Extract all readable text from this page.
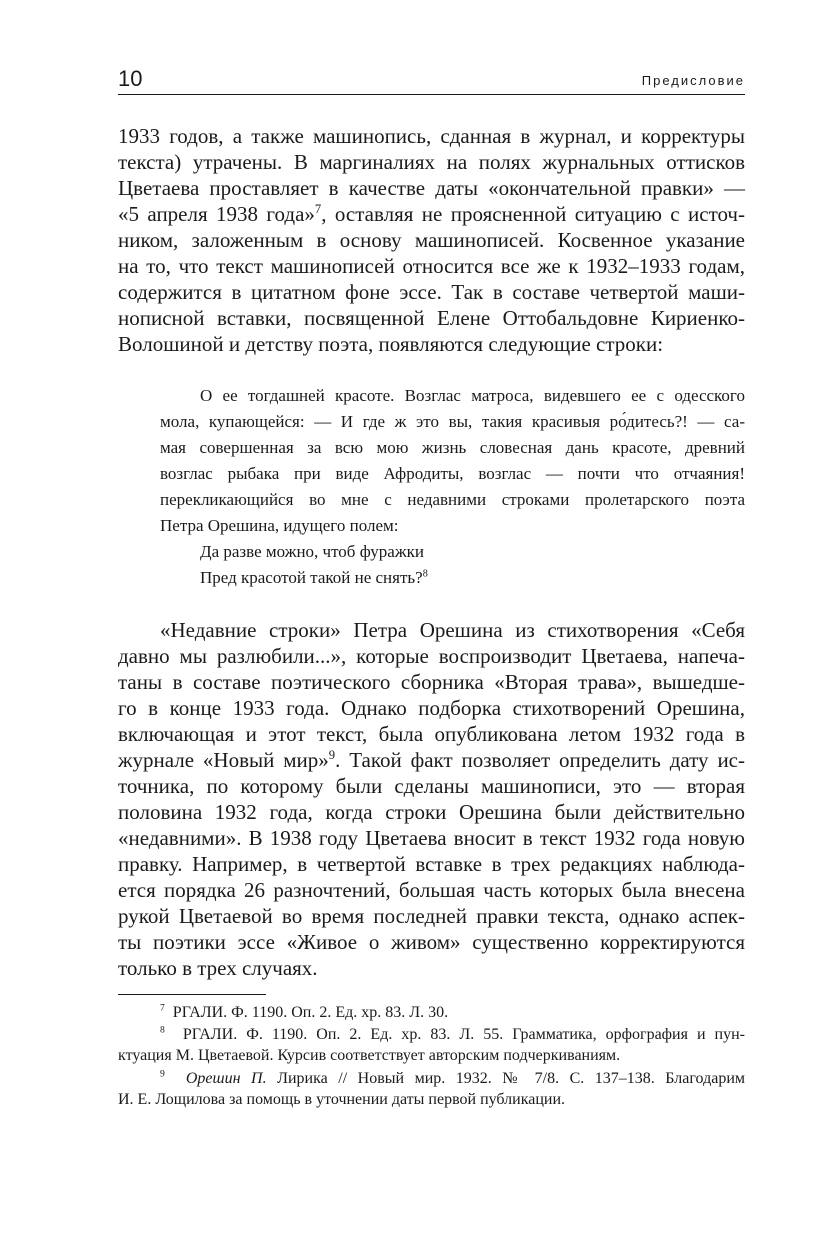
10	Предисловие
1933 годов, а также машинопись, сданная в журнал, и корректуры
текста) утрачены. В маргиналиях на полях журнальных оттисков
Цветаева проставляет в качестве даты «окончательной правки» —
«5 апреля 1938 года»$^7$, оставляя не проясненной ситуацию с источ-
ником, заложенным в основу машинописей. Косвенное указание
на то, что текст машинописей относится все же к 1932–1933 годам,
содержится в цитатном фоне эссе. Так в составе четвертой маши-
нописной вставки, посвященной Елене Оттобальдовне Кириенко-
Волошиной и детству поэта, появляются следующие строки:
О ее тогдашней красоте. Возглас матроса, видевшего ее с одесского
мола, купающейся: — И где ж это вы, такия красивыя ро́дитесь?! — са-
мая совершенная за всю мою жизнь словесная дань красоте, древний
возглас рыбака при виде Афродиты, возглас — почти что отчаяния!
перекликающийся во мне с недавними строками пролетарского поэта
Петра Орешина, идущего полем:
Да разве можно, чтоб фуражки
Пред красотой такой не снять?$^8$
«Недавние строки» Петра Орешина из стихотворения «Себя
давно мы разлюбили...», которые воспроизводит Цветаева, напеча-
таны в составе поэтического сборника «Вторая трава», вышедше-
го в конце 1933 года. Однако подборка стихотворений Орешина,
включающая и этот текст, была опубликована летом 1932 года в
журнале «Новый мир»$^9$. Такой факт позволяет определить дату ис-
точника, по которому были сделаны машинописи, это — вторая
половина 1932 года, когда строки Орешина были действительно
«недавними». В 1938 году Цветаева вносит в текст 1932 года новую
правку. Например, в четвертой вставке в трех редакциях наблюда-
ется порядка 26 разночтений, большая часть которых была внесена
рукой Цветаевой во время последней правки текста, однако аспек-
ты поэтики эссе «Живое о живом» существенно корректируются
только в трех случаях.
$^7$ РГАЛИ. Ф. 1190. Оп. 2. Ед. хр. 83. Л. 30.
$^8$ РГАЛИ. Ф. 1190. Оп. 2. Ед. хр. 83. Л. 55. Грамматика, орфография и пун-
ктуация М. Цветаевой. Курсив соответствует авторским подчеркиваниям.
$^9$ Орешин П. Лирика // Новый мир. 1932. № 7/8. С. 137–138. Благодарим
И. Е. Лощилова за помощь в уточнении даты первой публикации.
